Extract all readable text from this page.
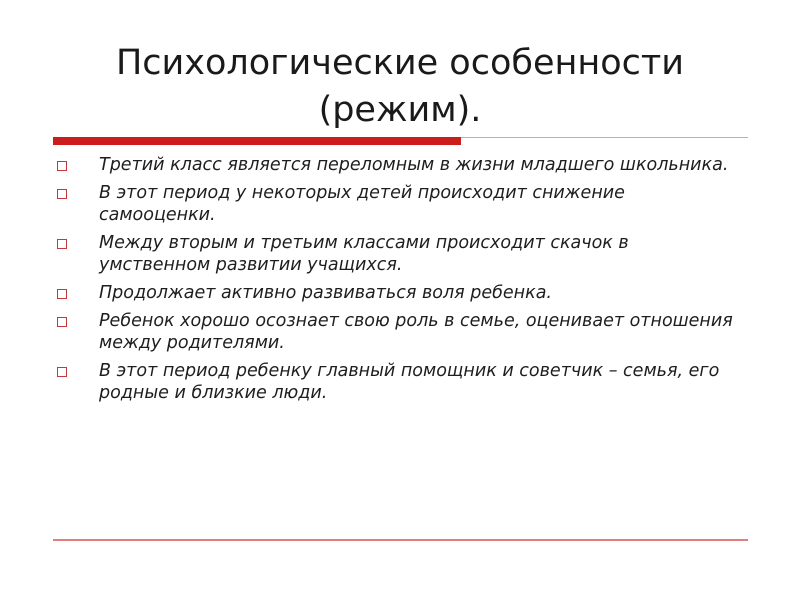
Психологические особенности (режим).
Третий класс является переломным в жизни младшего школьника.
В этот период у некоторых детей происходит снижение самооценки.
Между вторым и третьим классами происходит скачок в умственном развитии учащихся.
Продолжает активно развиваться воля ребенка.
Ребенок хорошо осознает свою роль в семье, оценивает отношения между родителями.
В этот период ребенку главный помощник и советчик – семья, его родные и близкие люди.
